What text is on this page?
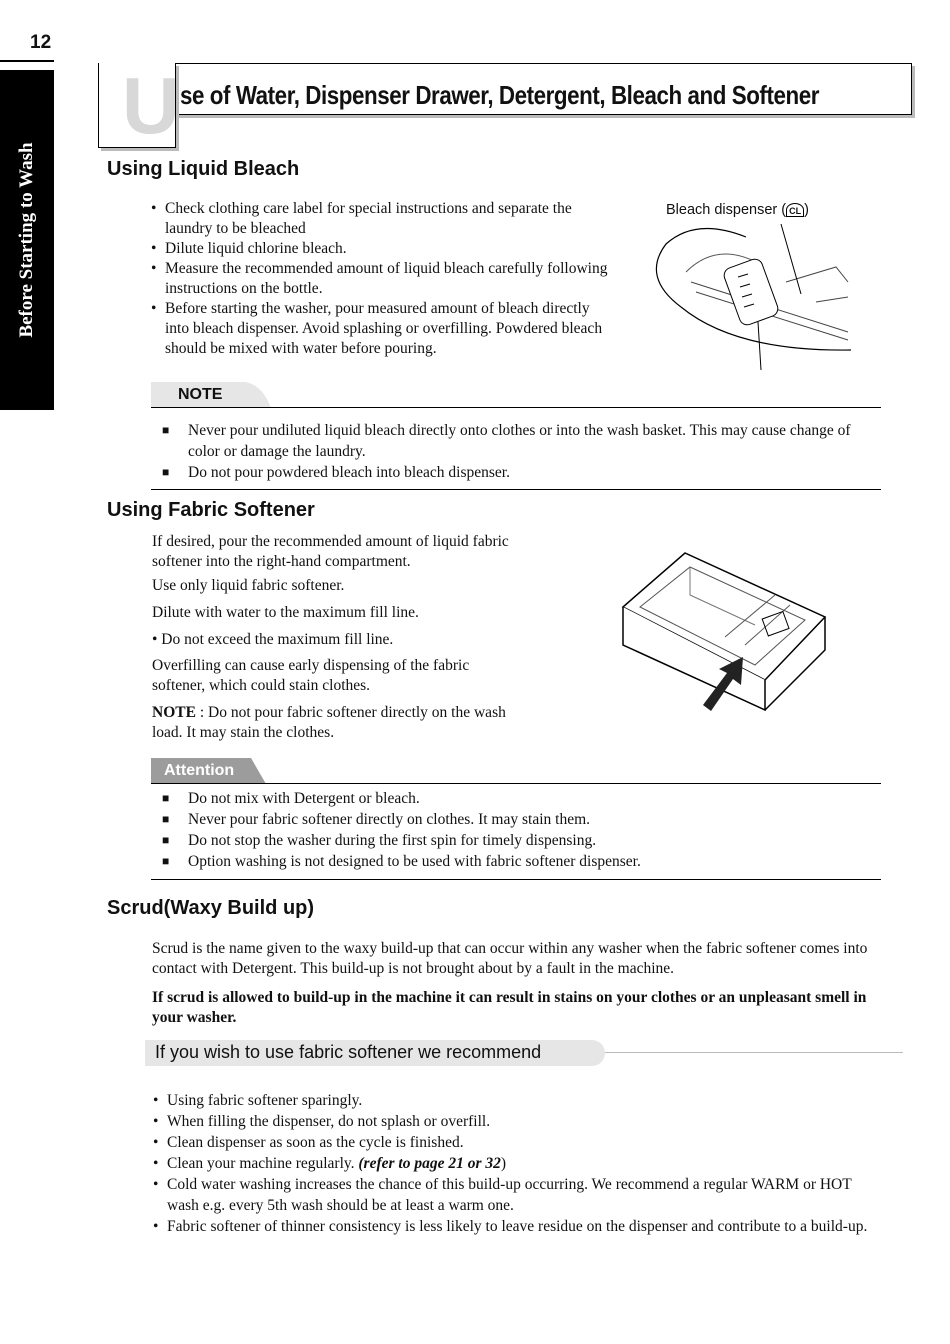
12
Before Starting to Wash
U se of Water, Dispenser Drawer, Detergent, Bleach and Softener
Using Liquid Bleach
• Check clothing care label for special instructions and separate the laundry to be bleached
• Dilute liquid chlorine bleach.
• Measure the recommended amount of liquid bleach carefully following instructions on the bottle.
• Before starting the washer, pour measured amount of bleach directly into bleach dispenser. Avoid splashing or overfilling. Powdered bleach should be mixed with water before pouring.
Bleach dispenser ( CL )
NOTE
■ Never pour undiluted liquid bleach directly onto clothes or into the wash basket. This may cause change of color or damage the laundry.
■ Do not pour powdered bleach into bleach dispenser.
Using Fabric Softener

If desired, pour the recommended amount of liquid fabric softener into the right-hand compartment.

Use only liquid fabric softener.

Dilute with water to the maximum fill line.

• Do not exceed the maximum fill line.

Overfilling can cause early dispensing of the fabric softener, which could stain clothes.

NOTE : Do not pour fabric softener directly on the wash load. It may stain the clothes.

Attention
■ Do not mix with Detergent or bleach.
■ Never pour fabric softener directly on clothes. It may stain them.
■ Do not stop the washer during the first spin for timely dispensing.
■ Option washing is not designed to be used with fabric softener dispenser.
Scrud(Waxy Build up)

Scrud is the name given to the waxy build-up that can occur within any washer when the fabric softener comes into contact with Detergent. This build-up is not brought about by a fault in the machine.

If scrud is allowed to build-up in the machine it can result in stains on your clothes or an unpleasant smell in your washer.

If you wish to use fabric softener we recommend
• Using fabric softener sparingly.
• When filling the dispenser, do not splash or overfill.
• Clean dispenser as soon as the cycle is finished.
• Clean your machine regularly. (refer to page 21 or 32)
• Cold water washing increases the chance of this build-up occurring. We recommend a regular WARM or HOT wash e.g. every 5th wash should be at least a warm one.
• Fabric softener of thinner consistency is less likely to leave residue on the dispenser and contribute to a build-up.
